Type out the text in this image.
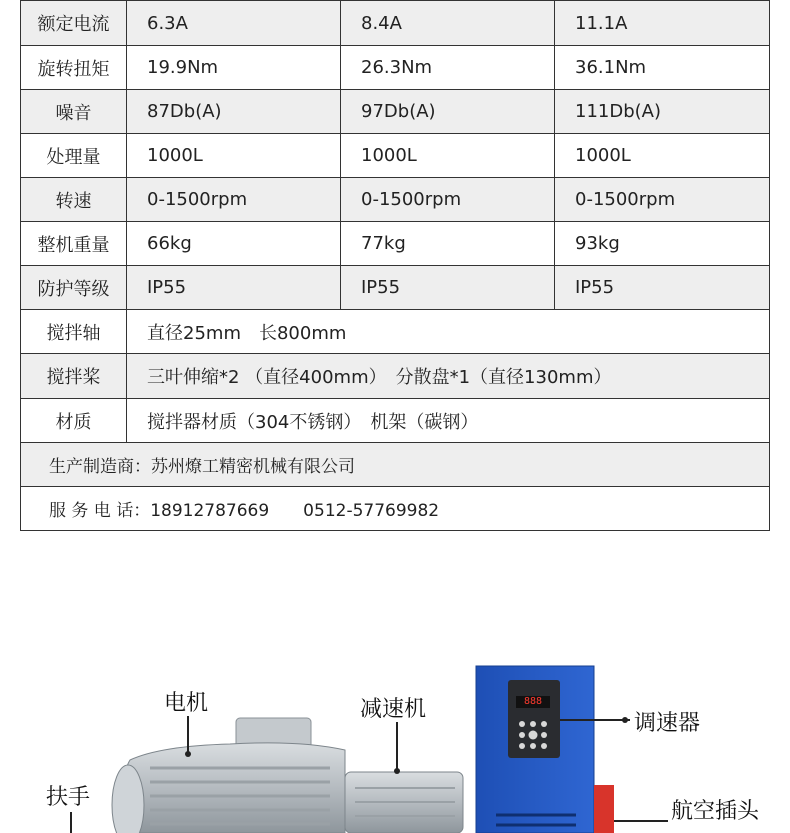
额定电流	6.3A	8.4A	11.1A
旋转扭矩	19.9Nm	26.3Nm	36.1Nm
噪音	87Db(A)	97Db(A)	111Db(A)
处理量	1000L	1000L	1000L
转速	0-1500rpm	0-1500rpm	0-1500rpm
整机重量	66kg	77kg	93kg
防护等级	IP55	IP55	IP55
搅拌轴	直径25mm　长800mm		
搅拌桨	三叶伸缩*2 （直径400mm）　分散盘*1（直径130mm）		
材质	搅拌器材质（304不锈钢）　机架（碳钢）		
生产制造商：苏州燎工精密机械有限公司			
服 务 电 话：18912787669　　0512-57769982			
888
电机	减速机
调速器
扶手
航空插头
